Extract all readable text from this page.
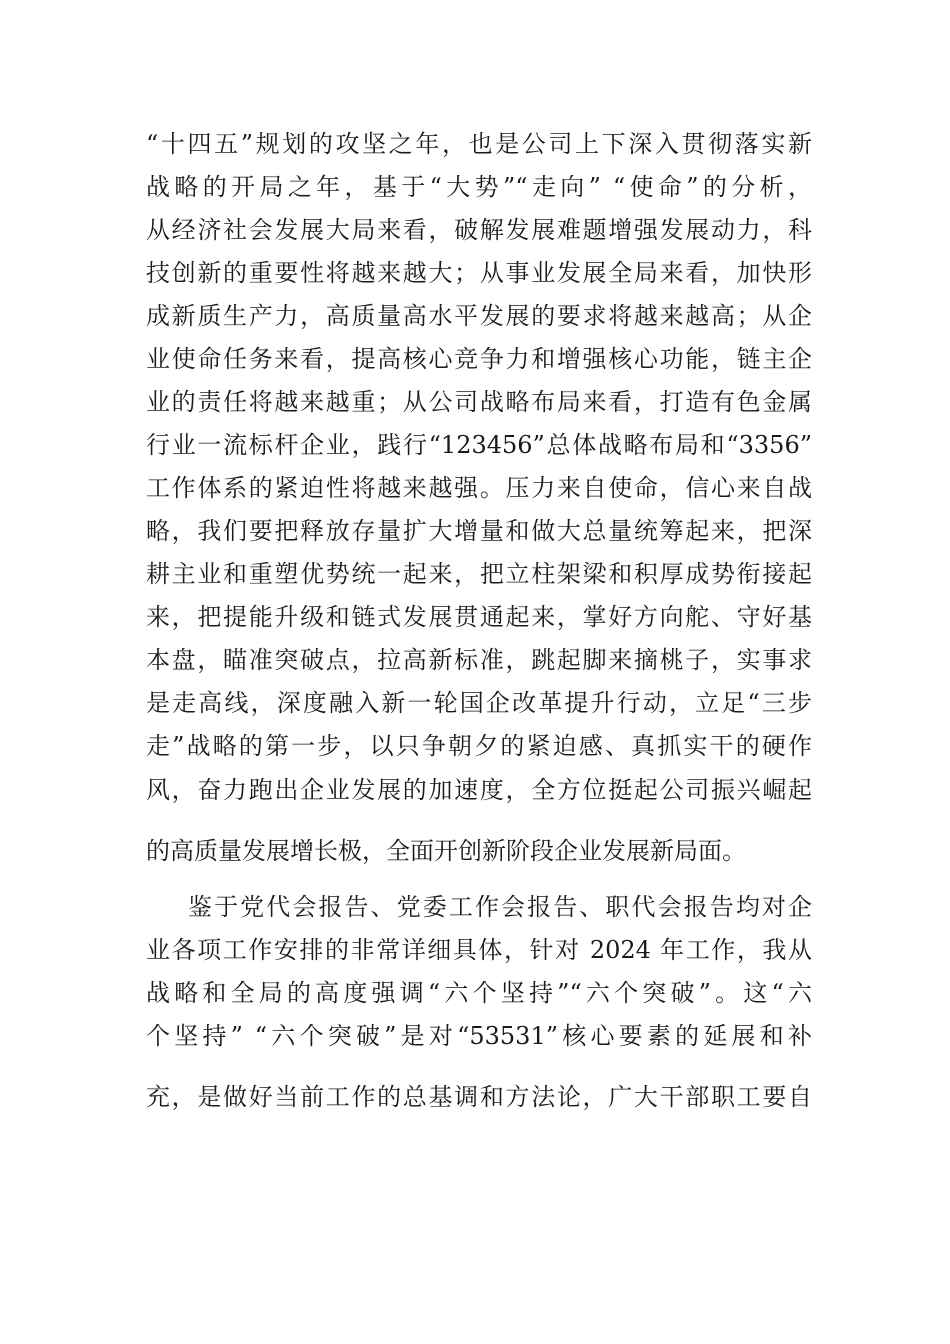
“十四五”规划的攻坚之年，也是公司上下深入贯彻落实新
战略的开局之年，基于“大势”“走向” “使命”的分析，
从经济社会发展大局来看，破解发展难题增强发展动力，科
技创新的重要性将越来越大；从事业发展全局来看，加快形
成新质生产力，高质量高水平发展的要求将越来越高；从企
业使命任务来看，提高核心竞争力和增强核心功能，链主企
业的责任将越来越重；从公司战略布局来看，打造有色金属
行业一流标杆企业，践行“123456”总体战略布局和“3356”
工作体系的紧迫性将越来越强。压力来自使命，信心来自战
略，我们要把释放存量扩大增量和做大总量统筹起来，把深
耕主业和重塑优势统一起来，把立柱架梁和积厚成势衔接起
来，把提能升级和链式发展贯通起来，掌好方向舵、守好基
本盘，瞄准突破点，拉高新标准，跳起脚来摘桃子，实事求
是走高线，深度融入新一轮国企改革提升行动，立足“三步
走”战略的第一步，以只争朝夕的紧迫感、真抓实干的硬作
风，奋力跑出企业发展的加速度，全方位挺起公司振兴崛起
的高质量发展增长极，全面开创新阶段企业发展新局面。
鉴于党代会报告、党委工作会报告、职代会报告均对企
业各项工作安排的非常详细具体，针对 2024 年工作，我从
战略和全局的高度强调“六个坚持”“六个突破”。这“六
个坚持” “六个突破”是对“53531”核心要素的延展和补
充，是做好当前工作的总基调和方法论，广大干部职工要自
